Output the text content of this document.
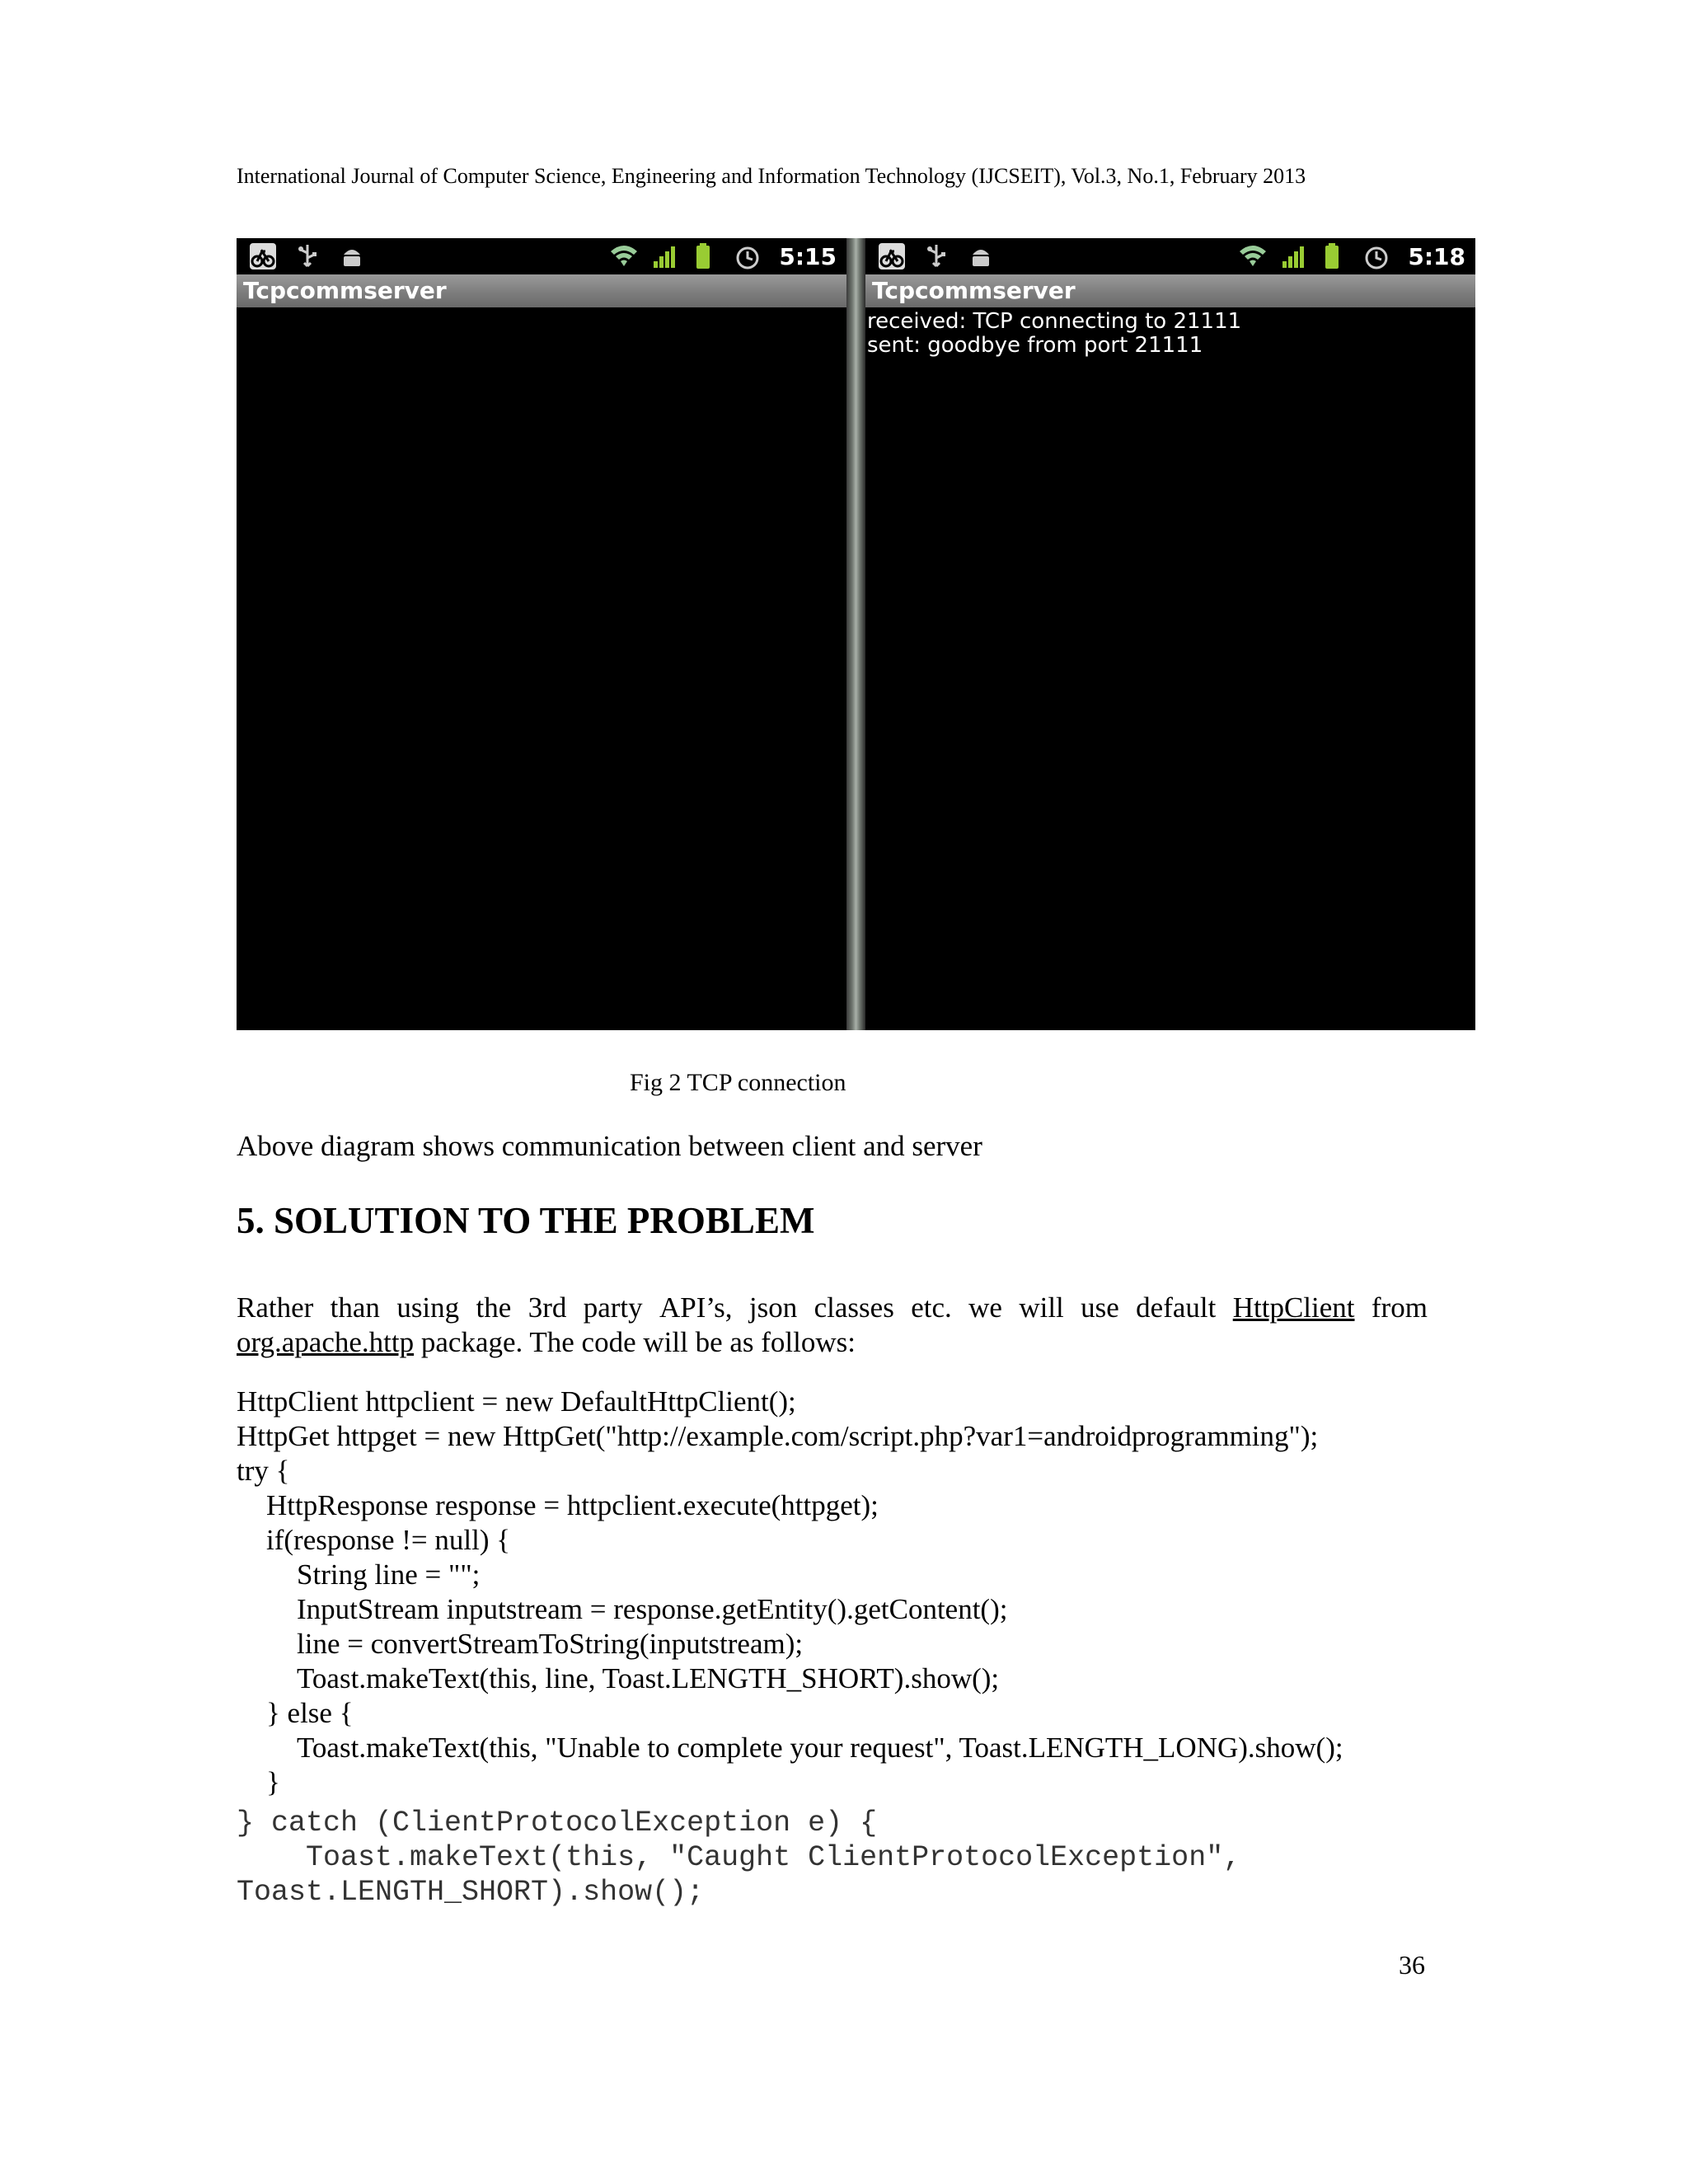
International Journal of Computer Science, Engineering and Information Technology (IJCSEIT), Vol.3, No.1, February 2013
5:15
Tcpcommserver
5:18
Tcpcommserver
received: TCP connecting to 21111
sent: goodbye from port 21111
Fig 2 TCP connection
Above diagram shows communication between client and server
5. SOLUTION TO THE PROBLEM
Rather than using the 3rd party API’s, json classes etc. we will use default HttpClient from
org.apache.http package. The code will be as follows:
HttpClient httpclient = new DefaultHttpClient();
HttpGet httpget = new HttpGet("http://example.com/script.php?var1=androidprogramming");
try {
HttpResponse response = httpclient.execute(httpget);
if(response != null) {
String line = "";
InputStream inputstream = response.getEntity().getContent();
line = convertStreamToString(inputstream);
Toast.makeText(this, line, Toast.LENGTH_SHORT).show();
} else {
Toast.makeText(this, "Unable to complete your request", Toast.LENGTH_LONG).show();
}
} catch (ClientProtocolException e) {
Toast.makeText(this, "Caught ClientProtocolException",
Toast.LENGTH_SHORT).show();
36
